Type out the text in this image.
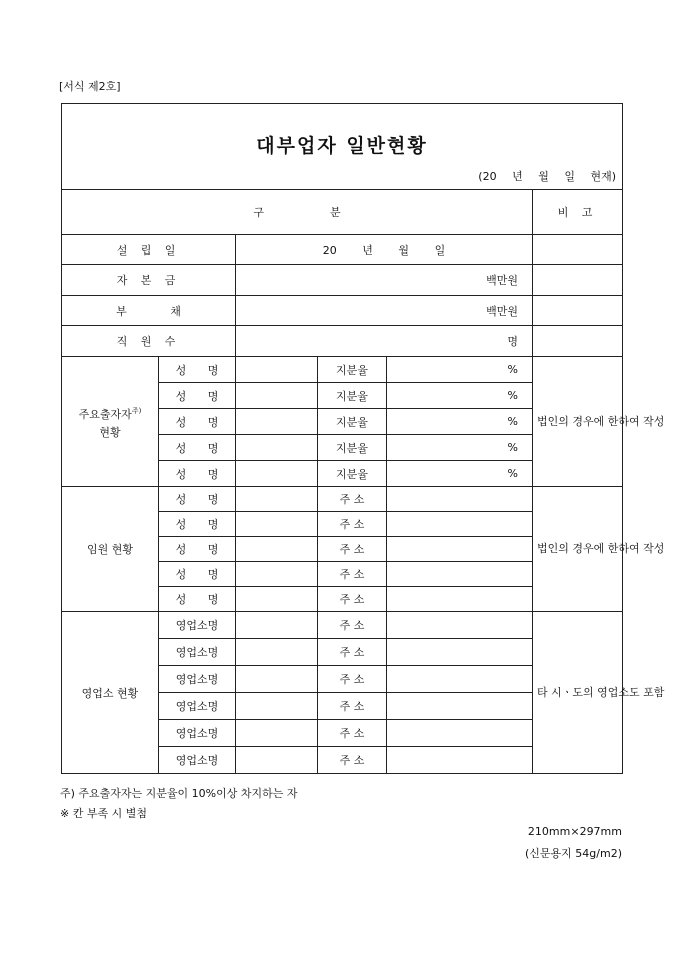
[서식 제2호]
대부업자 일반현황
(20 년 월 일 현재)					

구 분					비 고
설 립 일		20 년 월 일			
자 본 금		백만원			
부 채		백만원			
직 원 수		명			
주요출자자$^{주)}$
현황	성 명		지분율	%	법인의 경우에 한하여 작성
	성 명		지분율	%	
	성 명		지분율	%	
	성 명		지분율	%	
	성 명		지분율	%	
임원 현황	성 명		주 소		법인의 경우에 한하여 작성
	성 명		주 소		
	성 명		주 소		
	성 명		주 소		
	성 명		주 소		
영업소 현황	영업소명		주 소		타 시ㆍ도의 영업소도 포함
	영업소명		주 소		
	영업소명		주 소		
	영업소명		주 소		
	영업소명		주 소		
	영업소명		주 소		
주) 주요출자자는 지분율이 10%이상 차지하는 자
※ 칸 부족 시 별첨
210mm×297mm
(신문용지 54g/m2)
